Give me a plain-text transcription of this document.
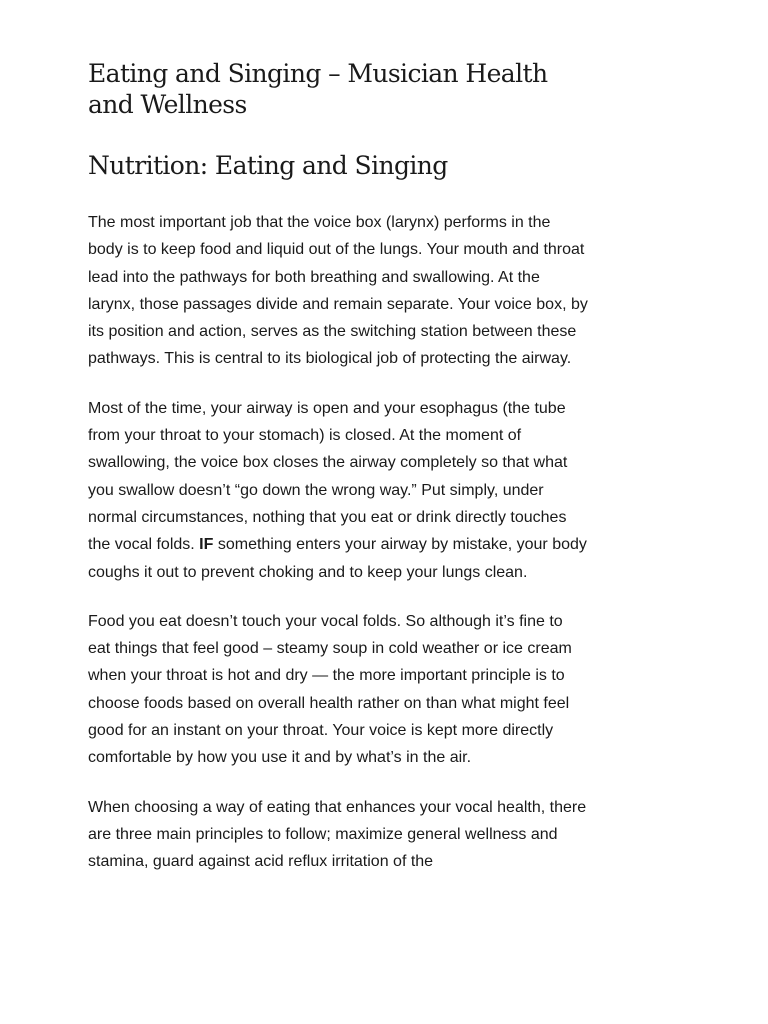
Eating and Singing – Musician Health and Wellness
Nutrition: Eating and Singing

The most important job that the voice box (larynx) performs in the body is to keep food and liquid out of the lungs. Your mouth and throat lead into the pathways for both breathing and swallowing. At the larynx, those passages divide and remain separate. Your voice box, by its position and action, serves as the switching station between these pathways. This is central to its biological job of protecting the airway.

Most of the time, your airway is open and your esophagus (the tube from your throat to your stomach) is closed. At the moment of swallowing, the voice box closes the airway completely so that what you swallow doesn’t “go down the wrong way.” Put simply, under normal circumstances, nothing that you eat or drink directly touches the vocal folds. IF something enters your airway by mistake, your body coughs it out to prevent choking and to keep your lungs clean.

Food you eat doesn’t touch your vocal folds. So although it’s fine to eat things that feel good – steamy soup in cold weather or ice cream when your throat is hot and dry — the more important principle is to choose foods based on overall health rather on than what might feel good for an instant on your throat. Your voice is kept more directly comfortable by how you use it and by what’s in the air.

When choosing a way of eating that enhances your vocal health, there are three main principles to follow; maximize general wellness and stamina, guard against acid reflux irritation of the
